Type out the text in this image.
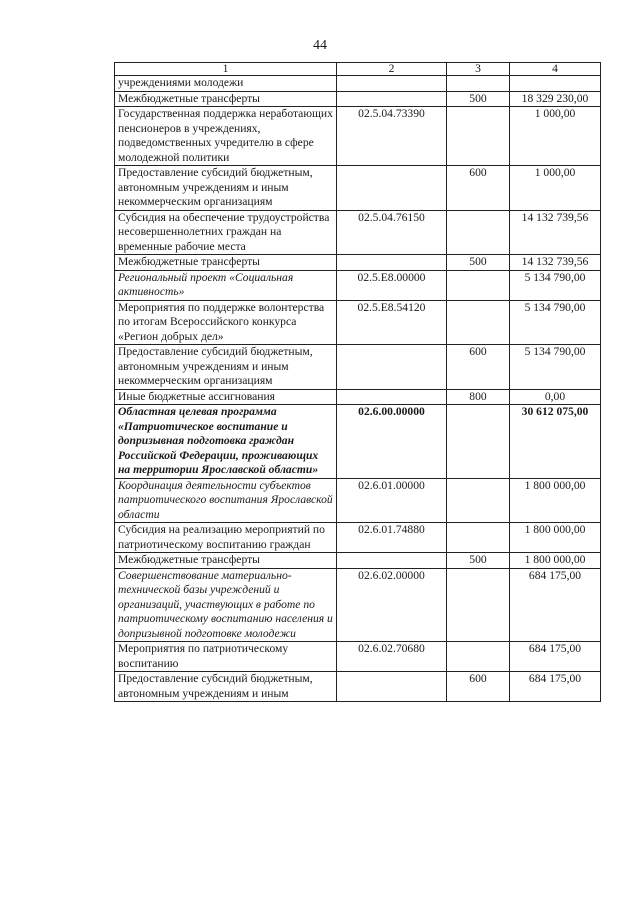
44
1	2	3	4
учреждениями молодежи			
Межбюджетные трансферты		500	18 329 230,00
Государственная поддержка неработающих пенсионеров в учреждениях, подведомственных учредителю в сфере молодежной политики	02.5.04.73390		1 000,00
Предоставление субсидий бюджетным, автономным учреждениям и иным некоммерческим организациям		600	1 000,00
Субсидия на обеспечение трудоустройства несовершеннолетних граждан на временные рабочие места	02.5.04.76150		14 132 739,56
Межбюджетные трансферты		500	14 132 739,56
Региональный проект «Социальная активность»	02.5.E8.00000		5 134 790,00
Мероприятия по поддержке волонтерства по итогам Всероссийского конкурса «Регион добрых дел»	02.5.E8.54120		5 134 790,00
Предоставление субсидий бюджетным, автономным учреждениям и иным некоммерческим организациям		600	5 134 790,00
Иные бюджетные ассигнования		800	0,00
Областная целевая программа «Патриотическое воспитание и допризывная подготовка граждан Российской Федерации, проживающих на территории Ярославской области»	02.6.00.00000		30 612 075,00
Координация деятельности субъектов патриотического воспитания Ярославской области	02.6.01.00000		1 800 000,00
Субсидия на реализацию мероприятий по патриотическому воспитанию граждан	02.6.01.74880		1 800 000,00
Межбюджетные трансферты		500	1 800 000,00
Совершенствование материально-технической базы учреждений и организаций, участвующих в работе по патриотическому воспитанию населения и допризывной подготовке молодежи	02.6.02.00000		684 175,00
Мероприятия по патриотическому воспитанию	02.6.02.70680		684 175,00
Предоставление субсидий бюджетным, автономным учреждениям и иным		600	684 175,00
